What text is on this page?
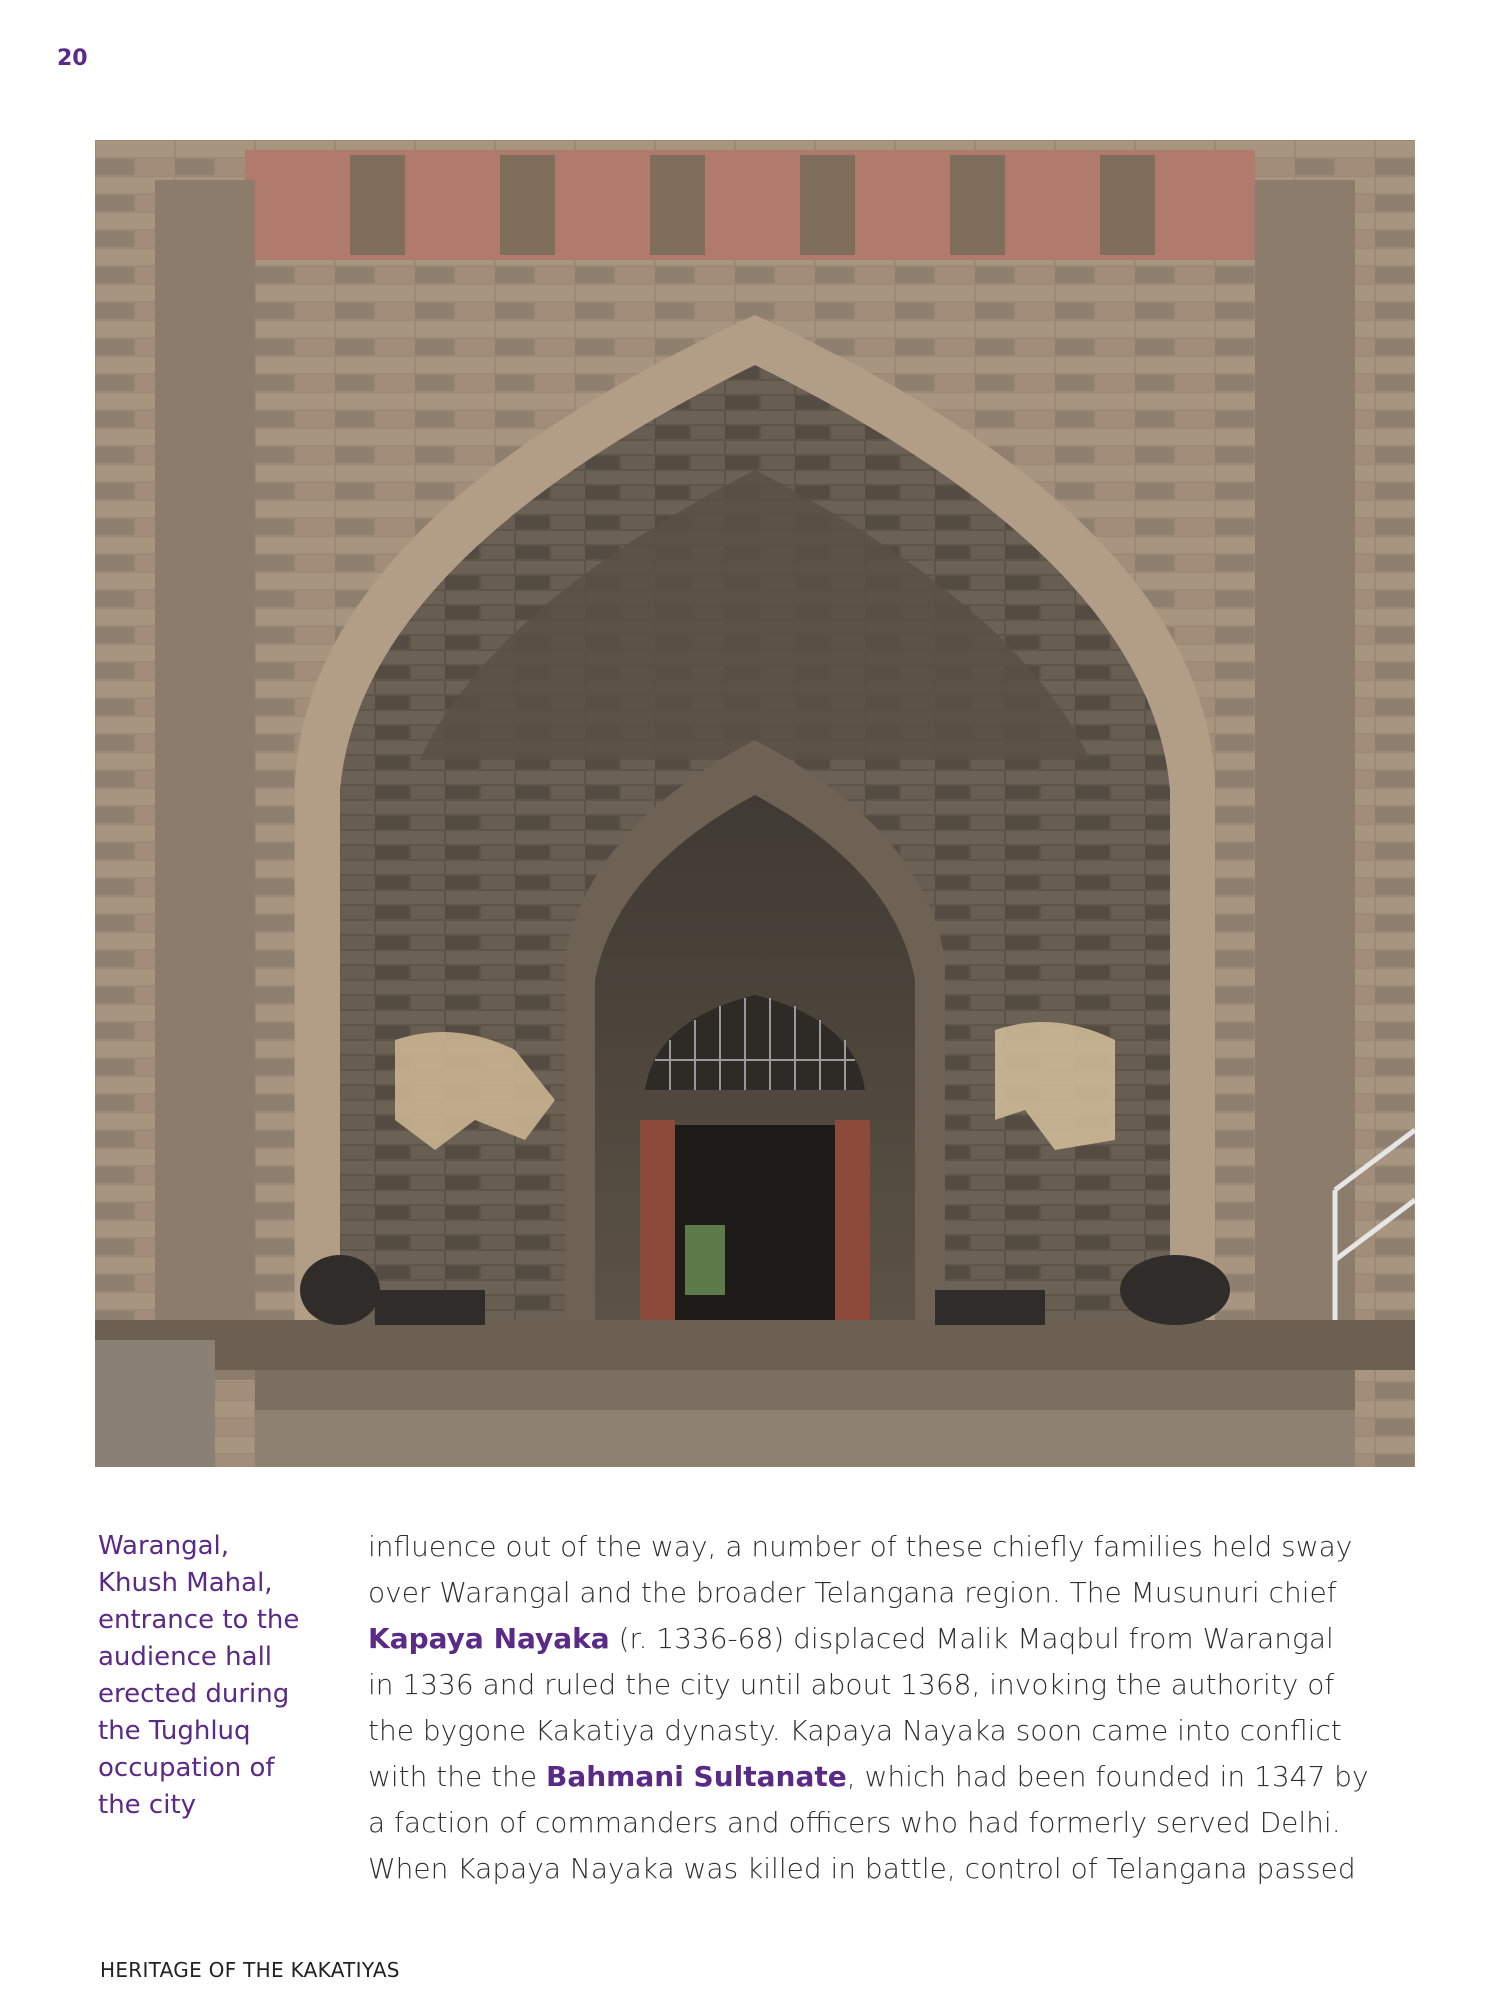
20
Warangal,
Khush Mahal,
entrance to the
audience hall
erected during
the Tughluq
occupation of
the city
influence out of the way, a number of these chiefly families held sway
over Warangal and the broader Telangana region. The Musunuri chief
Kapaya Nayaka (r. 1336-68) displaced Malik Maqbul from Warangal
in 1336 and ruled the city until about 1368, invoking the authority of
the bygone Kakatiya dynasty. Kapaya Nayaka soon came into conflict
with the the Bahmani Sultanate, which had been founded in 1347 by
a faction of commanders and officers who had formerly served Delhi.
When Kapaya Nayaka was killed in battle, control of Telangana passed
HERITAGE OF THE KAKATIYAS
